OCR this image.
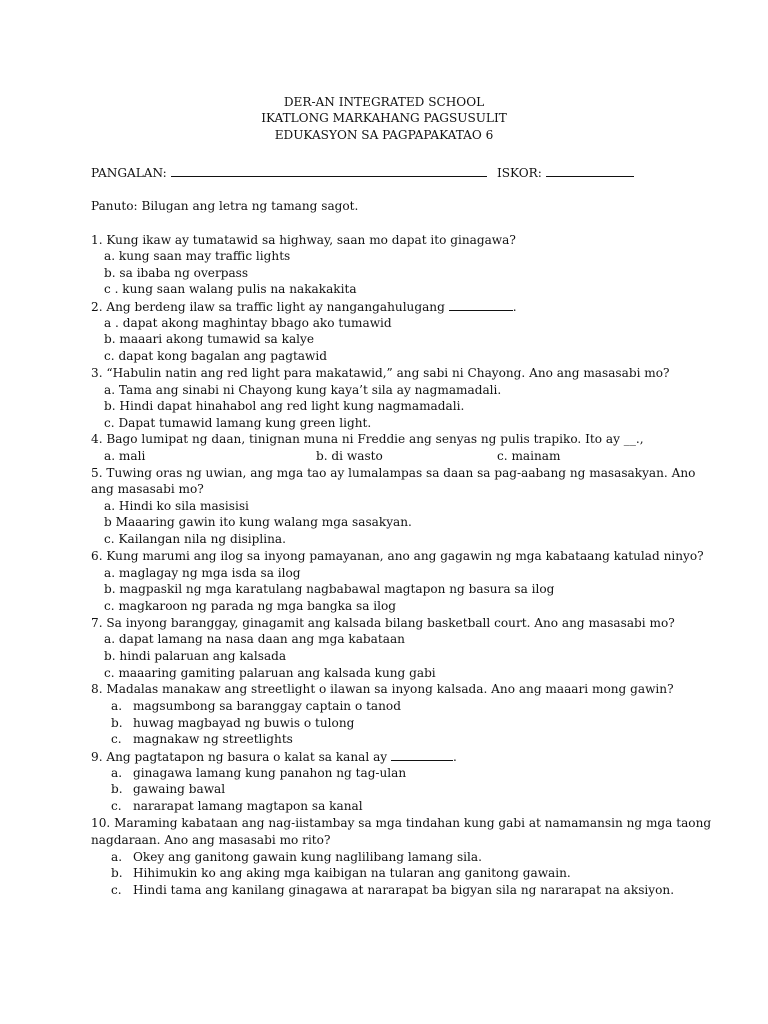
DER-AN INTEGRATED SCHOOL
IKATLONG MARKAHANG PAGSUSULIT
EDUKASYON SA PAGPAPAKATAO 6
PANGALAN:	ISKOR:
Panuto: Bilugan ang letra ng tamang sagot.
1. Kung ikaw ay tumatawid sa highway, saan mo dapat ito ginagawa?
a. kung saan may traffic lights
b. sa ibaba ng overpass
c . kung saan walang pulis na nakakakita
2. Ang berdeng ilaw sa traffic light ay nangangahulugang	.
a . dapat akong maghintay bbago ako tumawid
b. maaari akong tumawid sa kalye
c. dapat kong bagalan ang pagtawid
3. “Habulin natin ang red light para makatawid,” ang sabi ni Chayong. Ano ang masasabi mo?
a. Tama ang sinabi ni Chayong kung kaya’t sila ay nagmamadali.
b. Hindi dapat hinahabol ang red light kung nagmamadali.
c. Dapat tumawid lamang kung green light.
4. Bago lumipat ng daan, tinignan muna ni Freddie ang senyas ng pulis trapiko. Ito ay __.,
a. mali	b. di wasto	c. mainam
5. Tuwing oras ng uwian, ang mga tao ay lumalampas sa daan sa pag-aabang ng masasakyan. Ano
ang masasabi mo?
a. Hindi ko sila masisisi
b Maaaring gawin ito kung walang mga sasakyan.
c. Kailangan nila ng disiplina.
6. Kung marumi ang ilog sa inyong pamayanan, ano ang gagawin ng mga kabataang katulad ninyo?
a. maglagay ng mga isda sa ilog
b. magpaskil ng mga karatulang nagbabawal magtapon ng basura sa ilog
c. magkaroon ng parada ng mga bangka sa ilog
7. Sa inyong baranggay, ginagamit ang kalsada bilang basketball court. Ano ang masasabi mo?
a. dapat lamang na nasa daan ang mga kabataan
b. hindi palaruan ang kalsada
c. maaaring gamiting palaruan ang kalsada kung gabi
8. Madalas manakaw ang streetlight o ilawan sa inyong kalsada. Ano ang maaari mong gawin?
a. magsumbong sa baranggay captain o tanod
b. huwag magbayad ng buwis o tulong
c. magnakaw ng streetlights
9. Ang pagtatapon ng basura o kalat sa kanal ay	.
a. ginagawa lamang kung panahon ng tag-ulan
b. gawaing bawal
c. nararapat lamang magtapon sa kanal
10. Maraming kabataan ang nag-iistambay sa mga tindahan kung gabi at namamansin ng mga taong
nagdaraan. Ano ang masasabi mo rito?
a. Okey ang ganitong gawain kung naglilibang lamang sila.
b. Hihimukin ko ang aking mga kaibigan na tularan ang ganitong gawain.
c. Hindi tama ang kanilang ginagawa at nararapat ba bigyan sila ng nararapat na aksiyon.
